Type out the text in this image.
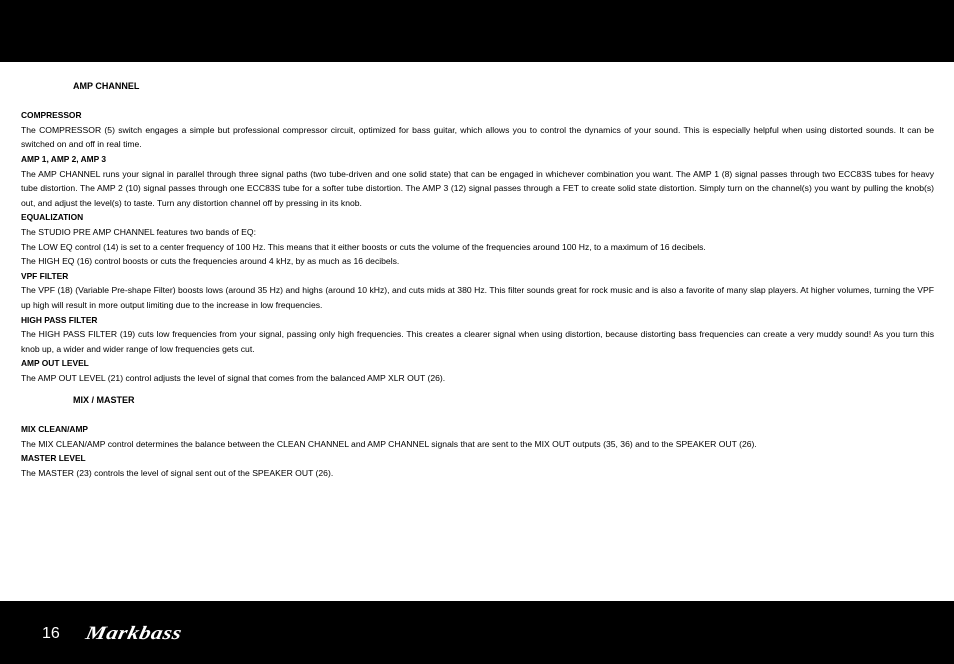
AMP CHANNEL
COMPRESSOR
The COMPRESSOR (5) switch engages a simple but professional compressor circuit, optimized for bass guitar, which allows you to control the dynamics of your sound. This is especially helpful when using distorted sounds. It can be switched on and off in real time.
AMP 1, AMP 2, AMP 3
The AMP CHANNEL runs your signal in parallel through three signal paths (two tube-driven and one solid state) that can be engaged in whichever combination you want. The AMP 1 (8) signal passes through two ECC83S tubes for heavy tube distortion. The AMP 2 (10) signal passes through one ECC83S tube for a softer tube distortion. The AMP 3 (12) signal passes through a FET to create solid state distortion. Simply turn on the channel(s) you want by pulling the knob(s) out, and adjust the level(s) to taste. Turn any distortion channel off by pressing in its knob.
EQUALIZATION
The STUDIO PRE AMP CHANNEL features two bands of EQ:
The LOW EQ control (14) is set to a center frequency of 100 Hz. This means that it either boosts or cuts the volume of the frequencies around 100 Hz, to a maximum of 16 decibels.
The HIGH EQ (16) control boosts or cuts the frequencies around 4 kHz, by as much as 16 decibels.
VPF FILTER
The VPF (18) (Variable Pre-shape Filter) boosts lows (around 35 Hz) and highs (around 10 kHz), and cuts mids at 380 Hz. This filter sounds great for rock music and is also a favorite of many slap players. At higher volumes, turning the VPF up high will result in more output limiting due to the increase in low frequencies.
HIGH PASS FILTER
The HIGH PASS FILTER (19) cuts low frequencies from your signal, passing only high frequencies. This creates a clearer signal when using distortion, because distorting bass frequencies can create a very muddy sound! As you turn this knob up, a wider and wider range of low frequencies gets cut.
AMP OUT LEVEL
The AMP OUT LEVEL (21) control adjusts the level of signal that comes from the balanced AMP XLR OUT (26).
MIX / MASTER
MIX CLEAN/AMP
The MIX CLEAN/AMP control determines the balance between the CLEAN CHANNEL and AMP CHANNEL signals that are sent to the MIX OUT outputs (35, 36) and to the SPEAKER OUT (26).
MASTER LEVEL
The MASTER (23) controls the level of signal sent out of the SPEAKER OUT (26).
16 Markbass
